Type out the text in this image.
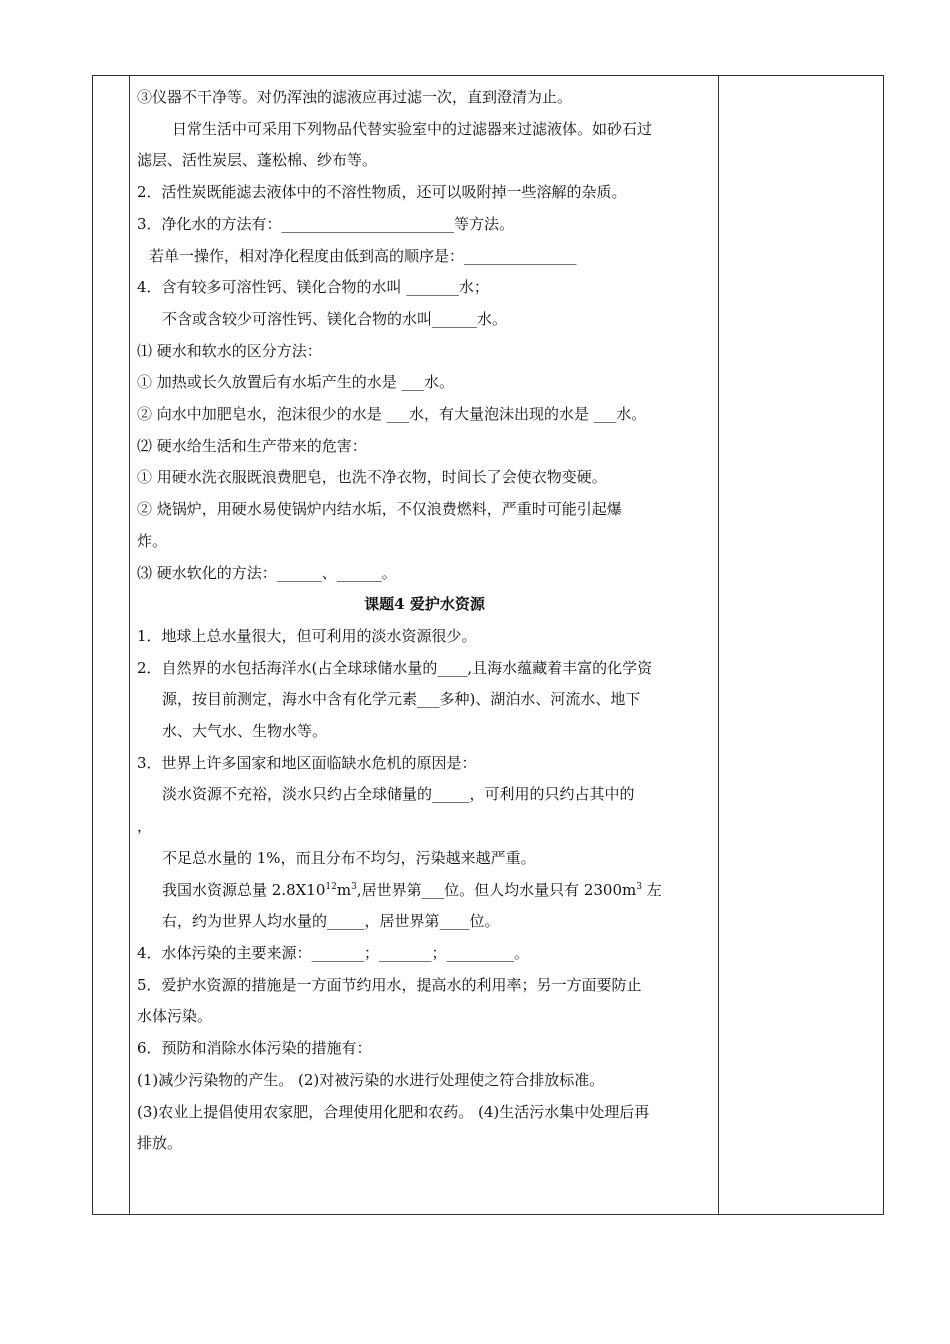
③仪器不干净等。对仍浑浊的滤液应再过滤一次，直到澄清为止。
日常生活中可采用下列物品代替实验室中的过滤器来过滤液体。如砂石过
滤层、活性炭层、蓬松棉、纱布等。
2．活性炭既能滤去液体中的不溶性物质，还可以吸附掉一些溶解的杂质。
3．净化水的方法有：_______________________等方法。
若单一操作，相对净化程度由低到高的顺序是：_______________
4．含有较多可溶性钙、镁化合物的水叫 _______水；
不含或含较少可溶性钙、镁化合物的水叫______水。
⑴ 硬水和软水的区分方法：
① 加热或长久放置后有水垢产生的水是 ___水。
② 向水中加肥皂水，泡沫很少的水是 ___水，有大量泡沫出现的水是 ___水。
⑵ 硬水给生活和生产带来的危害：
① 用硬水洗衣服既浪费肥皂，也洗不净衣物，时间长了会使衣物变硬。
② 烧锅炉，用硬水易使锅炉内结水垢，不仅浪费燃料，严重时可能引起爆
炸。
⑶ 硬水软化的方法：______、______。
课题4 爱护水资源
1．地球上总水量很大，但可利用的淡水资源很少。
2．自然界的水包括海洋水(占全球球储水量的____,且海水蕴藏着丰富的化学资
源，按目前测定，海水中含有化学元素___多种)、湖泊水、河流水、地下
水、大气水、生物水等。
3．世界上许多国家和地区面临缺水危机的原因是：
淡水资源不充裕，淡水只约占全球储量的_____，可利用的只约占其中的
，
不足总水量的 1%，而且分布不均匀，污染越来越严重。
我国水资源总量 $2.8X10^{12}m^3$,居世界第___位。但人均水量只有 $2300m^3$ 左
右，约为世界人均水量的_____，居世界第____位。
4．水体污染的主要来源：_______；_______；_________。
5．爱护水资源的措施是一方面节约用水，提高水的利用率；另一方面要防止
水体污染。
6．预防和消除水体污染的措施有：
(1)减少污染物的产生。 (2)对被污染的水进行处理使之符合排放标准。
(3)农业上提倡使用农家肥，合理使用化肥和农药。 (4)生活污水集中处理后再
排放。
